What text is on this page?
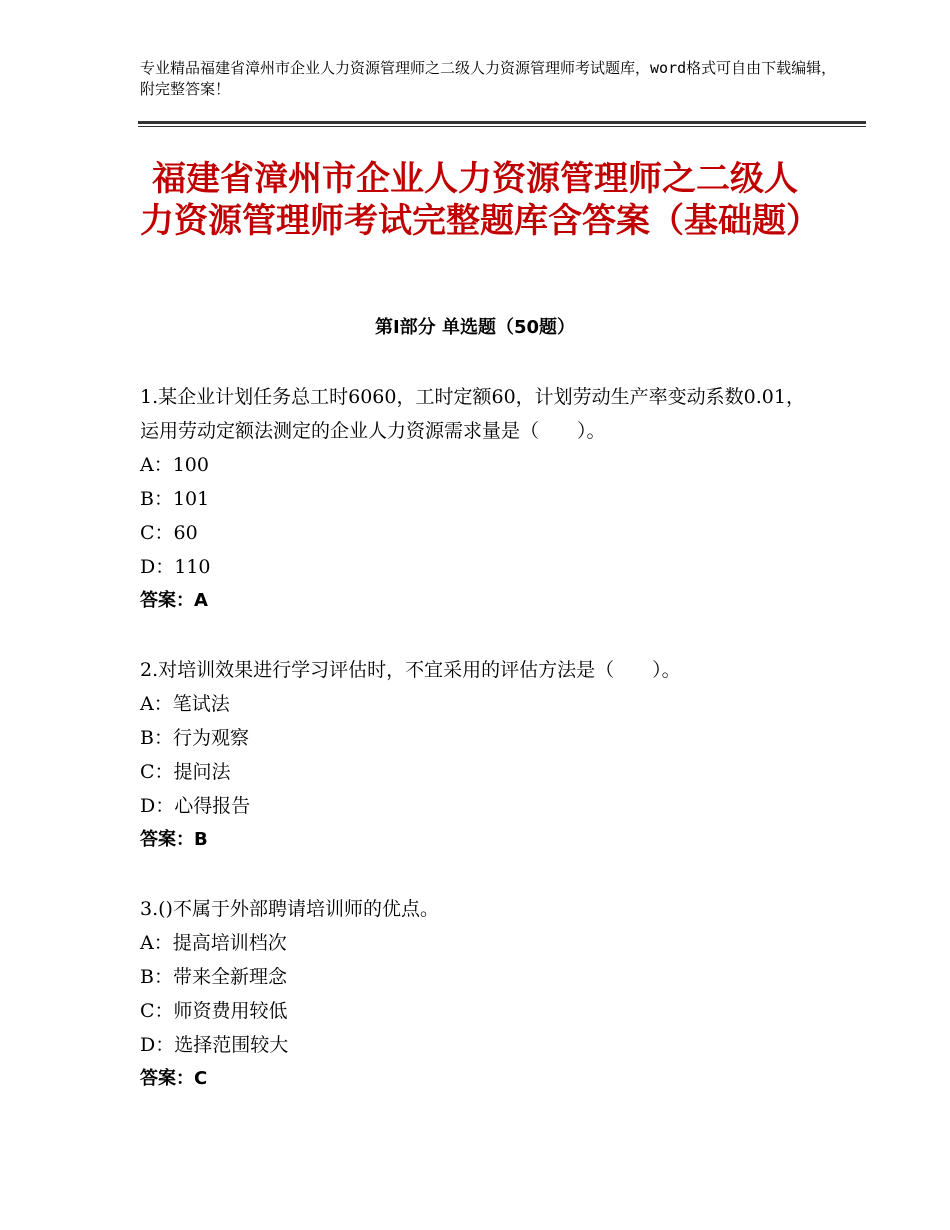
专业精品福建省漳州市企业人力资源管理师之二级人力资源管理师考试题库，word格式可自由下载编辑，附完整答案！
福建省漳州市企业人力资源管理师之二级人力资源管理师考试完整题库含答案（基础题）
第Ⅰ部分 单选题（50题）
1.某企业计划任务总工时6060，工时定额60，计划劳动生产率变动系数0.01，运用劳动定额法测定的企业人力资源需求量是（　　）。
A：100
B：101
C：60
D：110
答案：A
2.对培训效果进行学习评估时，不宜采用的评估方法是（　　）。
A：笔试法
B：行为观察
C：提问法
D：心得报告
答案：B
3.()不属于外部聘请培训师的优点。
A：提高培训档次
B：带来全新理念
C：师资费用较低
D：选择范围较大
答案：C
